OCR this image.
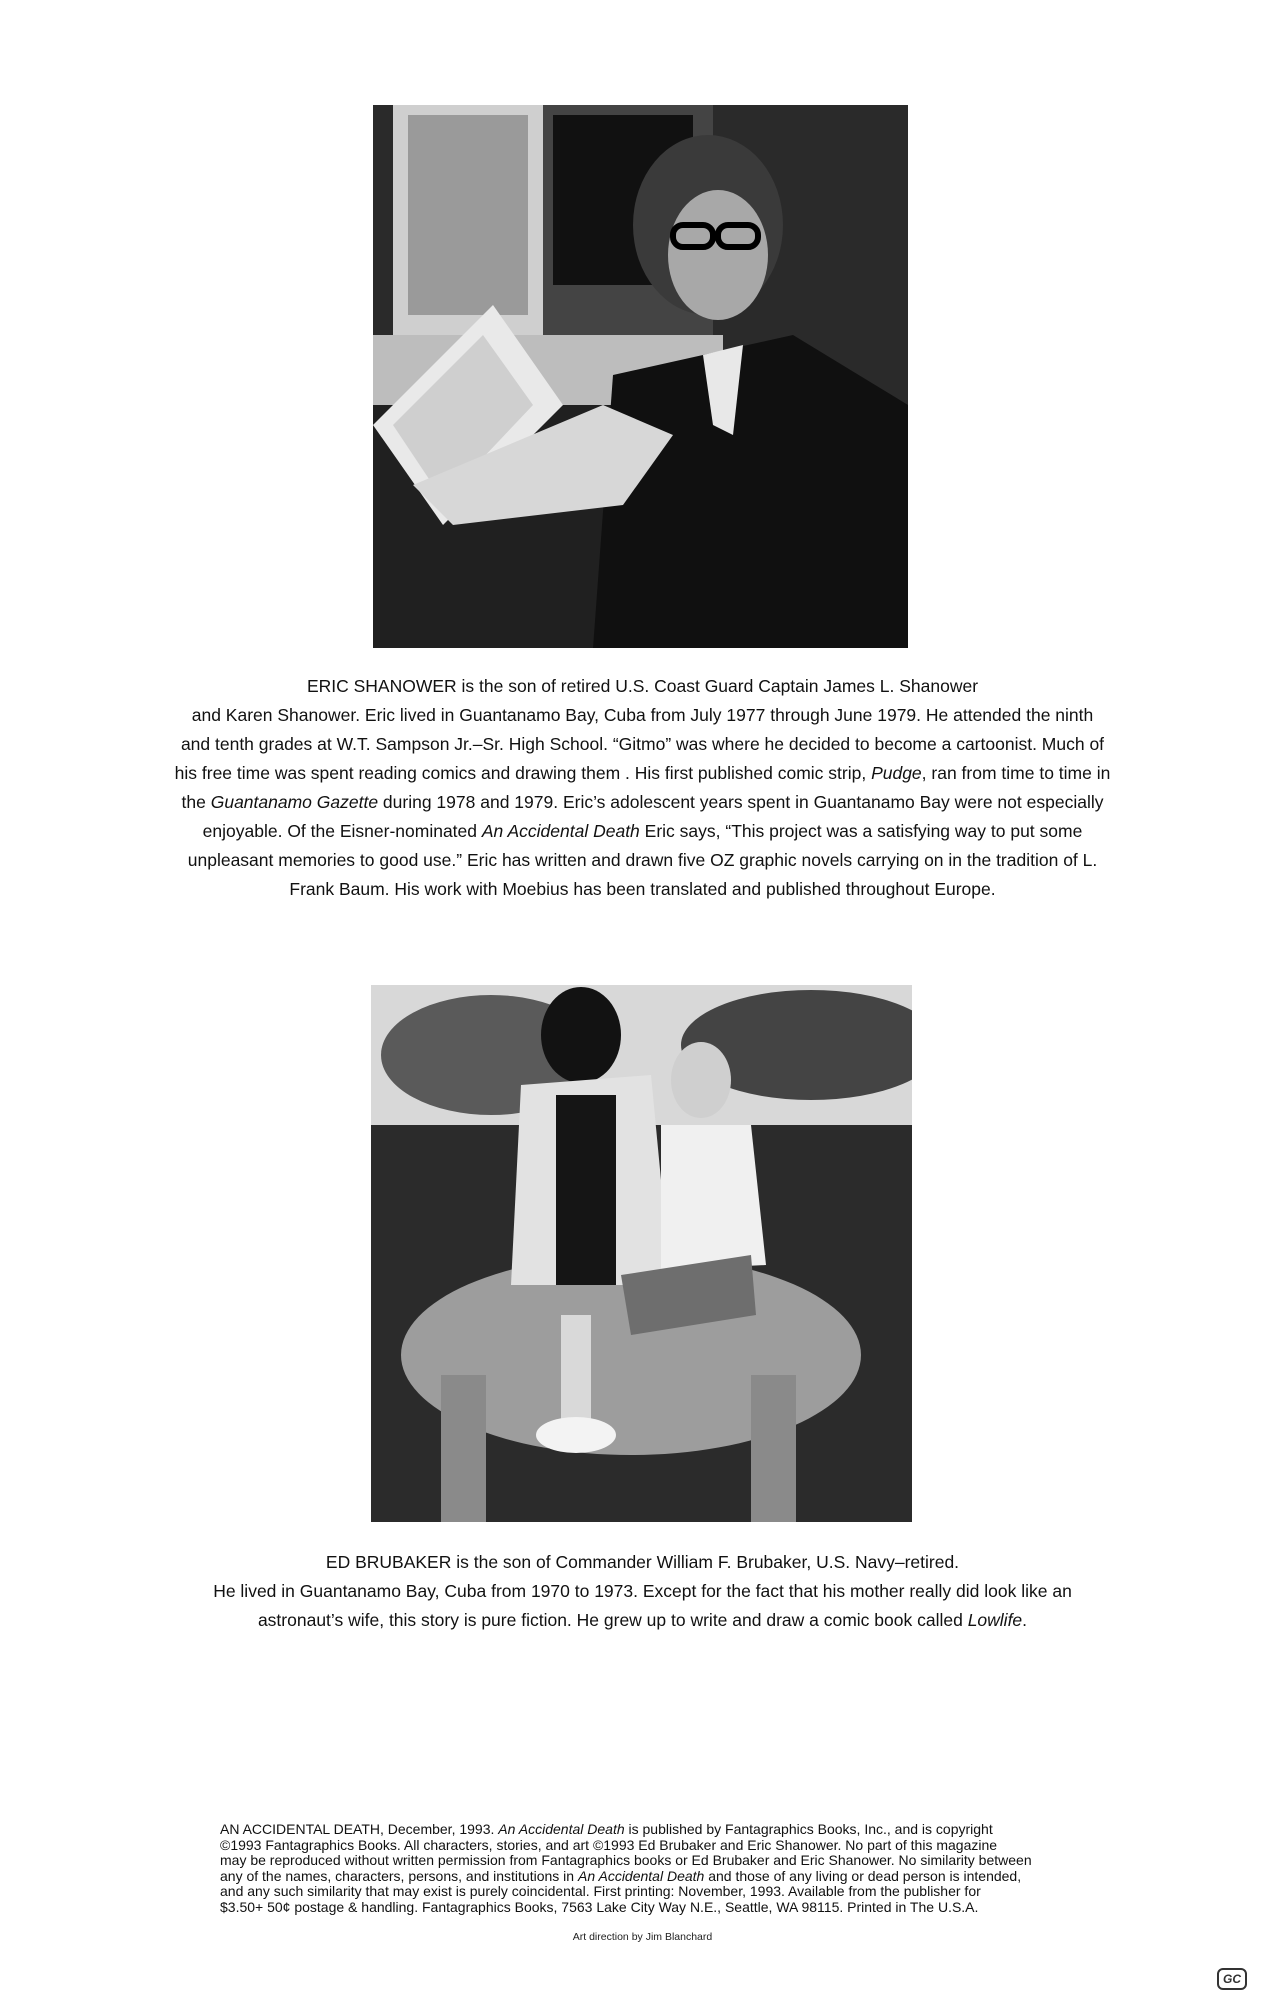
ERIC SHANOWER is the son of retired U.S. Coast Guard Captain James L. Shanower
and Karen Shanower. Eric lived in Guantanamo Bay, Cuba from July 1977 through June 1979. He attended the ninth
and tenth grades at W.T. Sampson Jr.–Sr. High School. “Gitmo” was where he decided to become a cartoonist. Much of
his free time was spent reading comics and drawing them . His first published comic strip, Pudge, ran from time to time in
the Guantanamo Gazette during 1978 and 1979. Eric’s adolescent years spent in Guantanamo Bay were not especially
enjoyable. Of the Eisner-nominated An Accidental Death Eric says, “This project was a satisfying way to put some
unpleasant memories to good use.” Eric has written and drawn five OZ graphic novels carrying on in the tradition of L.
Frank Baum. His work with Moebius has been translated and published throughout Europe.
ED BRUBAKER is the son of Commander William F. Brubaker, U.S. Navy–retired.
He lived in Guantanamo Bay, Cuba from 1970 to 1973. Except for the fact that his mother really did look like an
astronaut’s wife, this story is pure fiction. He grew up to write and draw a comic book called Lowlife.
AN ACCIDENTAL DEATH, December, 1993. An Accidental Death is published by Fantagraphics Books, Inc., and is copyright
©1993 Fantagraphics Books. All characters, stories, and art ©1993 Ed Brubaker and Eric Shanower. No part of this magazine
may be reproduced without written permission from Fantagraphics books or Ed Brubaker and Eric Shanower. No similarity between
any of the names, characters, persons, and institutions in An Accidental Death and those of any living or dead person is intended,
and any such similarity that may exist is purely coincidental. First printing: November, 1993. Available from the publisher for
$3.50+ 50¢ postage & handling. Fantagraphics Books, 7563 Lake City Way N.E., Seattle, WA 98115. Printed in The U.S.A.
Art direction by Jim Blanchard
GC
